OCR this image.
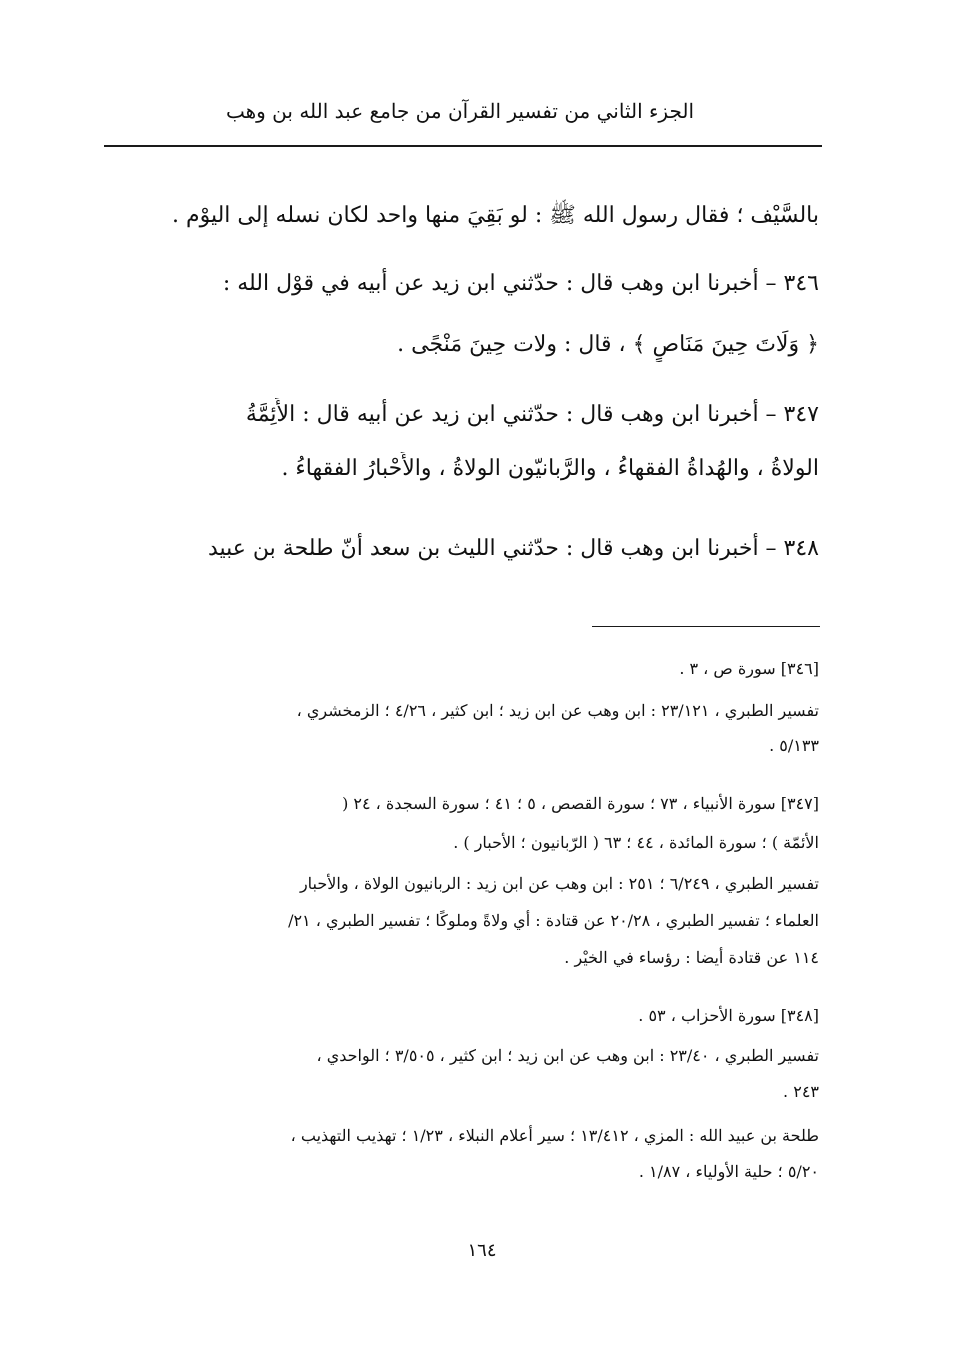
الجزء الثاني من تفسير القرآن من جامع عبد الله بن وهب
بالسَّيْف ؛ فقال رسول الله ﷺ : لو بَقِيَ منها واحد لكان نسله إلى اليوْم .
٣٤٦ – أخبرنا ابن وهب قال : حدّثني ابن زيد عن أبيه في قوْل الله :
﴿ وَلَاتَ حِينَ مَنَاصٍ ﴾ ، قال : ولات حِينَ مَنْجًى .
٣٤٧ – أخبرنا ابن وهب قال : حدّثني ابن زيد عن أبيه قال : الأَئِمَّةُ
الولاةُ ، والهُداةُ الفقهاءُ ، والرَّبانيّون الولاةُ ، والأَحْبارُ الفقهاءُ .
٣٤٨ – أخبرنا ابن وهب قال : حدّثني الليث بن سعد أنّ طلحة بن عبيد
[٣٤٦] سورة ص ، ٣ .
تفسير الطبري ، ٢٣/١٢١ : ابن وهب عن ابن زيد ؛ ابن كثير ، ٤/٢٦ ؛ الزمخشري ،
٥/١٣٣ .
[٣٤٧] سورة الأنبياء ، ٧٣ ؛ سورة القصص ، ٥ ؛ ٤١ ؛ سورة السجدة ، ٢٤ (
الأئمّة ) ؛ سورة المائدة ، ٤٤ ؛ ٦٣ ( الرّبانيون ؛ الأحبار ) .
تفسير الطبري ، ٦/٢٤٩ ؛ ٢٥١ : ابن وهب عن ابن زيد : الربانيون الولاة ، والأحبار
العلماء ؛ تفسير الطبري ، ٢٠/٢٨ عن قتادة : أي ولاةً وملوكًا ؛ تفسير الطبري ، ٢١/
١١٤ عن قتادة أيضا : رؤساء في الخيْر .
[٣٤٨] سورة الأحزاب ، ٥٣ .
تفسير الطبري ، ٢٣/٤٠ : ابن وهب عن ابن زيد ؛ ابن كثير ، ٣/٥٠٥ ؛ الواحدي ،
٢٤٣ .
طلحة بن عبيد الله : المزي ، ١٣/٤١٢ ؛ سير أعلام النبلاء ، ١/٢٣ ؛ تهذيب التهذيب ،
٥/٢٠ ؛ حلية الأولياء ، ١/٨٧ .
١٦٤
